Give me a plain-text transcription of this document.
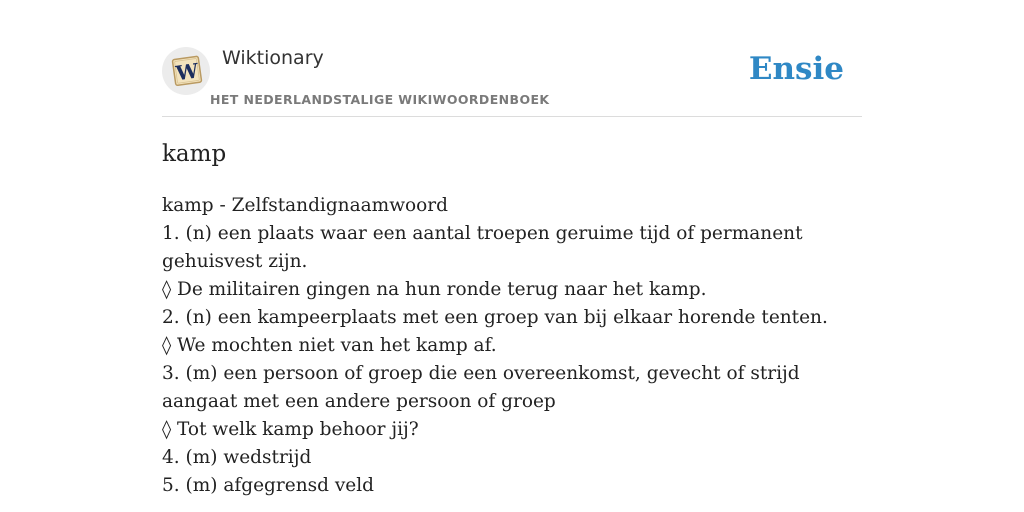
W
Wiktionary
HET NEDERLANDSTALIGE WIKIWOORDENBOEK
Ensie
kamp
kamp - Zelfstandignaamwoord
1. (n) een plaats waar een aantal troepen geruime tijd of permanent gehuisvest zijn.
◊ De militairen gingen na hun ronde terug naar het kamp.
2. (n) een kampeerplaats met een groep van bij elkaar horende tenten.
◊ We mochten niet van het kamp af.
3. (m) een persoon of groep die een overeenkomst, gevecht of strijd aangaat met een andere persoon of groep
◊ Tot welk kamp behoor jij?
4. (m) wedstrijd
5. (m) afgegrensd veld
